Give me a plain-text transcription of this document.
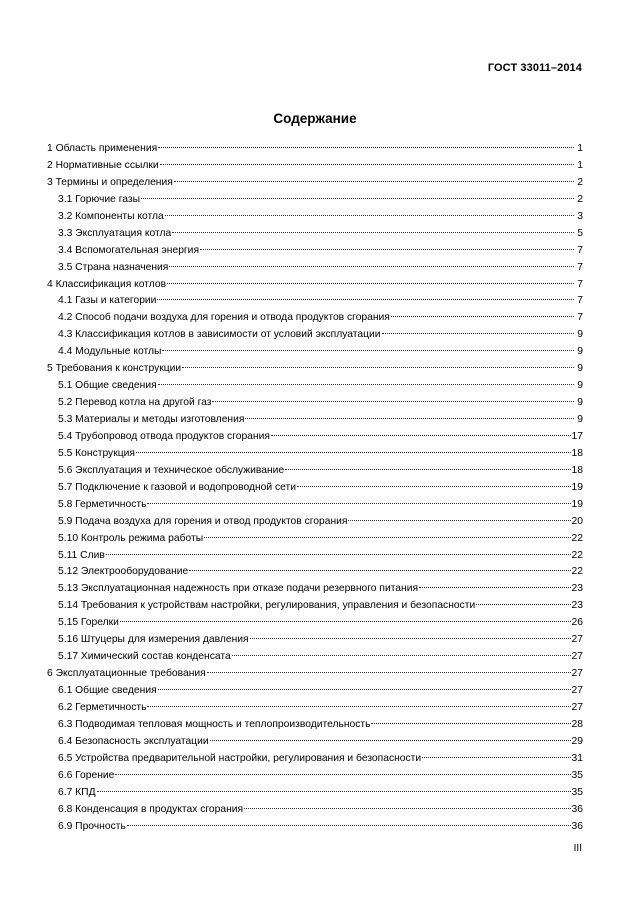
ГОСТ 33011–2014
Содержание
1 Область применения	1
2 Нормативные ссылки	1
3 Термины и определения	2
3.1 Горючие газы	2
3.2 Компоненты котла	3
3.3 Эксплуатация котла	5
3.4 Вспомогательная энергия	7
3.5 Страна назначения	7
4 Классификация котлов	7
4.1 Газы и категории	7
4.2 Способ подачи воздуха для горения и отвода продуктов сгорания	7
4.3 Классификация котлов в зависимости от условий эксплуатации	9
4.4 Модульные котлы	9
5 Требования к конструкции	9
5.1 Общие сведения	9
5.2 Перевод котла на другой газ	9
5.3 Материалы и методы изготовления	9
5.4 Трубопровод отвода продуктов сгорания	17
5.5 Конструкция	18
5.6 Эксплуатация и техническое обслуживание	18
5.7 Подключение к газовой и водопроводной сети	19
5.8 Герметичность	19
5.9 Подача воздуха для горения и отвод продуктов сгорания	20
5.10 Контроль режима работы	22
5.11 Слив	22
5.12 Электрооборудование	22
5.13 Эксплуатационная надежность при отказе подачи резервного питания	23
5.14 Требования к устройствам настройки, регулирования, управления и безопасности	23
5.15 Горелки	26
5.16 Штуцеры для измерения давления	27
5.17 Химический состав конденсата	27
6 Эксплуатационные требования	27
6.1 Общие сведения	27
6.2 Герметичность	27
6.3 Подводимая тепловая мощность и теплопроизводительность	28
6.4 Безопасность эксплуатации	29
6.5 Устройства предварительной настройки, регулирования и безопасности	31
6.6 Горение	35
6.7 КПД	35
6.8 Конденсация в продуктах сгорания	36
6.9 Прочность	36
III
